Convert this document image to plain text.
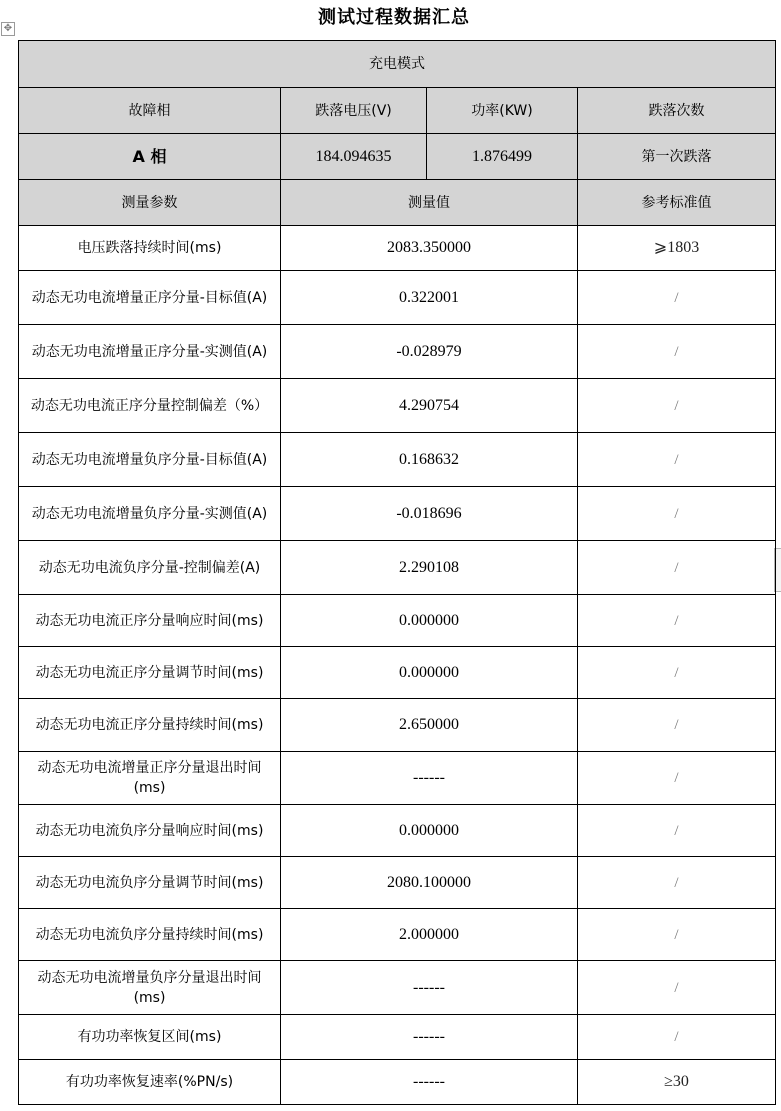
测试过程数据汇总
✥
充电模式			
故障相	跌落电压(V)	功率(KW)	跌落次数
A 相	184.094635	1.876499	第一次跌落
测量参数	测量值		参考标准值
电压跌落持续时间(ms)	2083.350000		⩾1803
动态无功电流增量正序分量-目标值(A)	0.322001		/
动态无功电流增量正序分量-实测值(A)	-0.028979		/
动态无功电流正序分量控制偏差（%）	4.290754		/
动态无功电流增量负序分量-目标值(A)	0.168632		/
动态无功电流增量负序分量-实测值(A)	-0.018696		/
动态无功电流负序分量-控制偏差(A)	2.290108		/
动态无功电流正序分量响应时间(ms)	0.000000		/
动态无功电流正序分量调节时间(ms)	0.000000		/
动态无功电流正序分量持续时间(ms)	2.650000		/
动态无功电流增量正序分量退出时间(ms)	------		/
动态无功电流负序分量响应时间(ms)	0.000000		/
动态无功电流负序分量调节时间(ms)	2080.100000		/
动态无功电流负序分量持续时间(ms)	2.000000		/
动态无功电流增量负序分量退出时间(ms)	------		/
有功功率恢复区间(ms)	------		/
有功功率恢复速率(%PN/s)	------		≥30
